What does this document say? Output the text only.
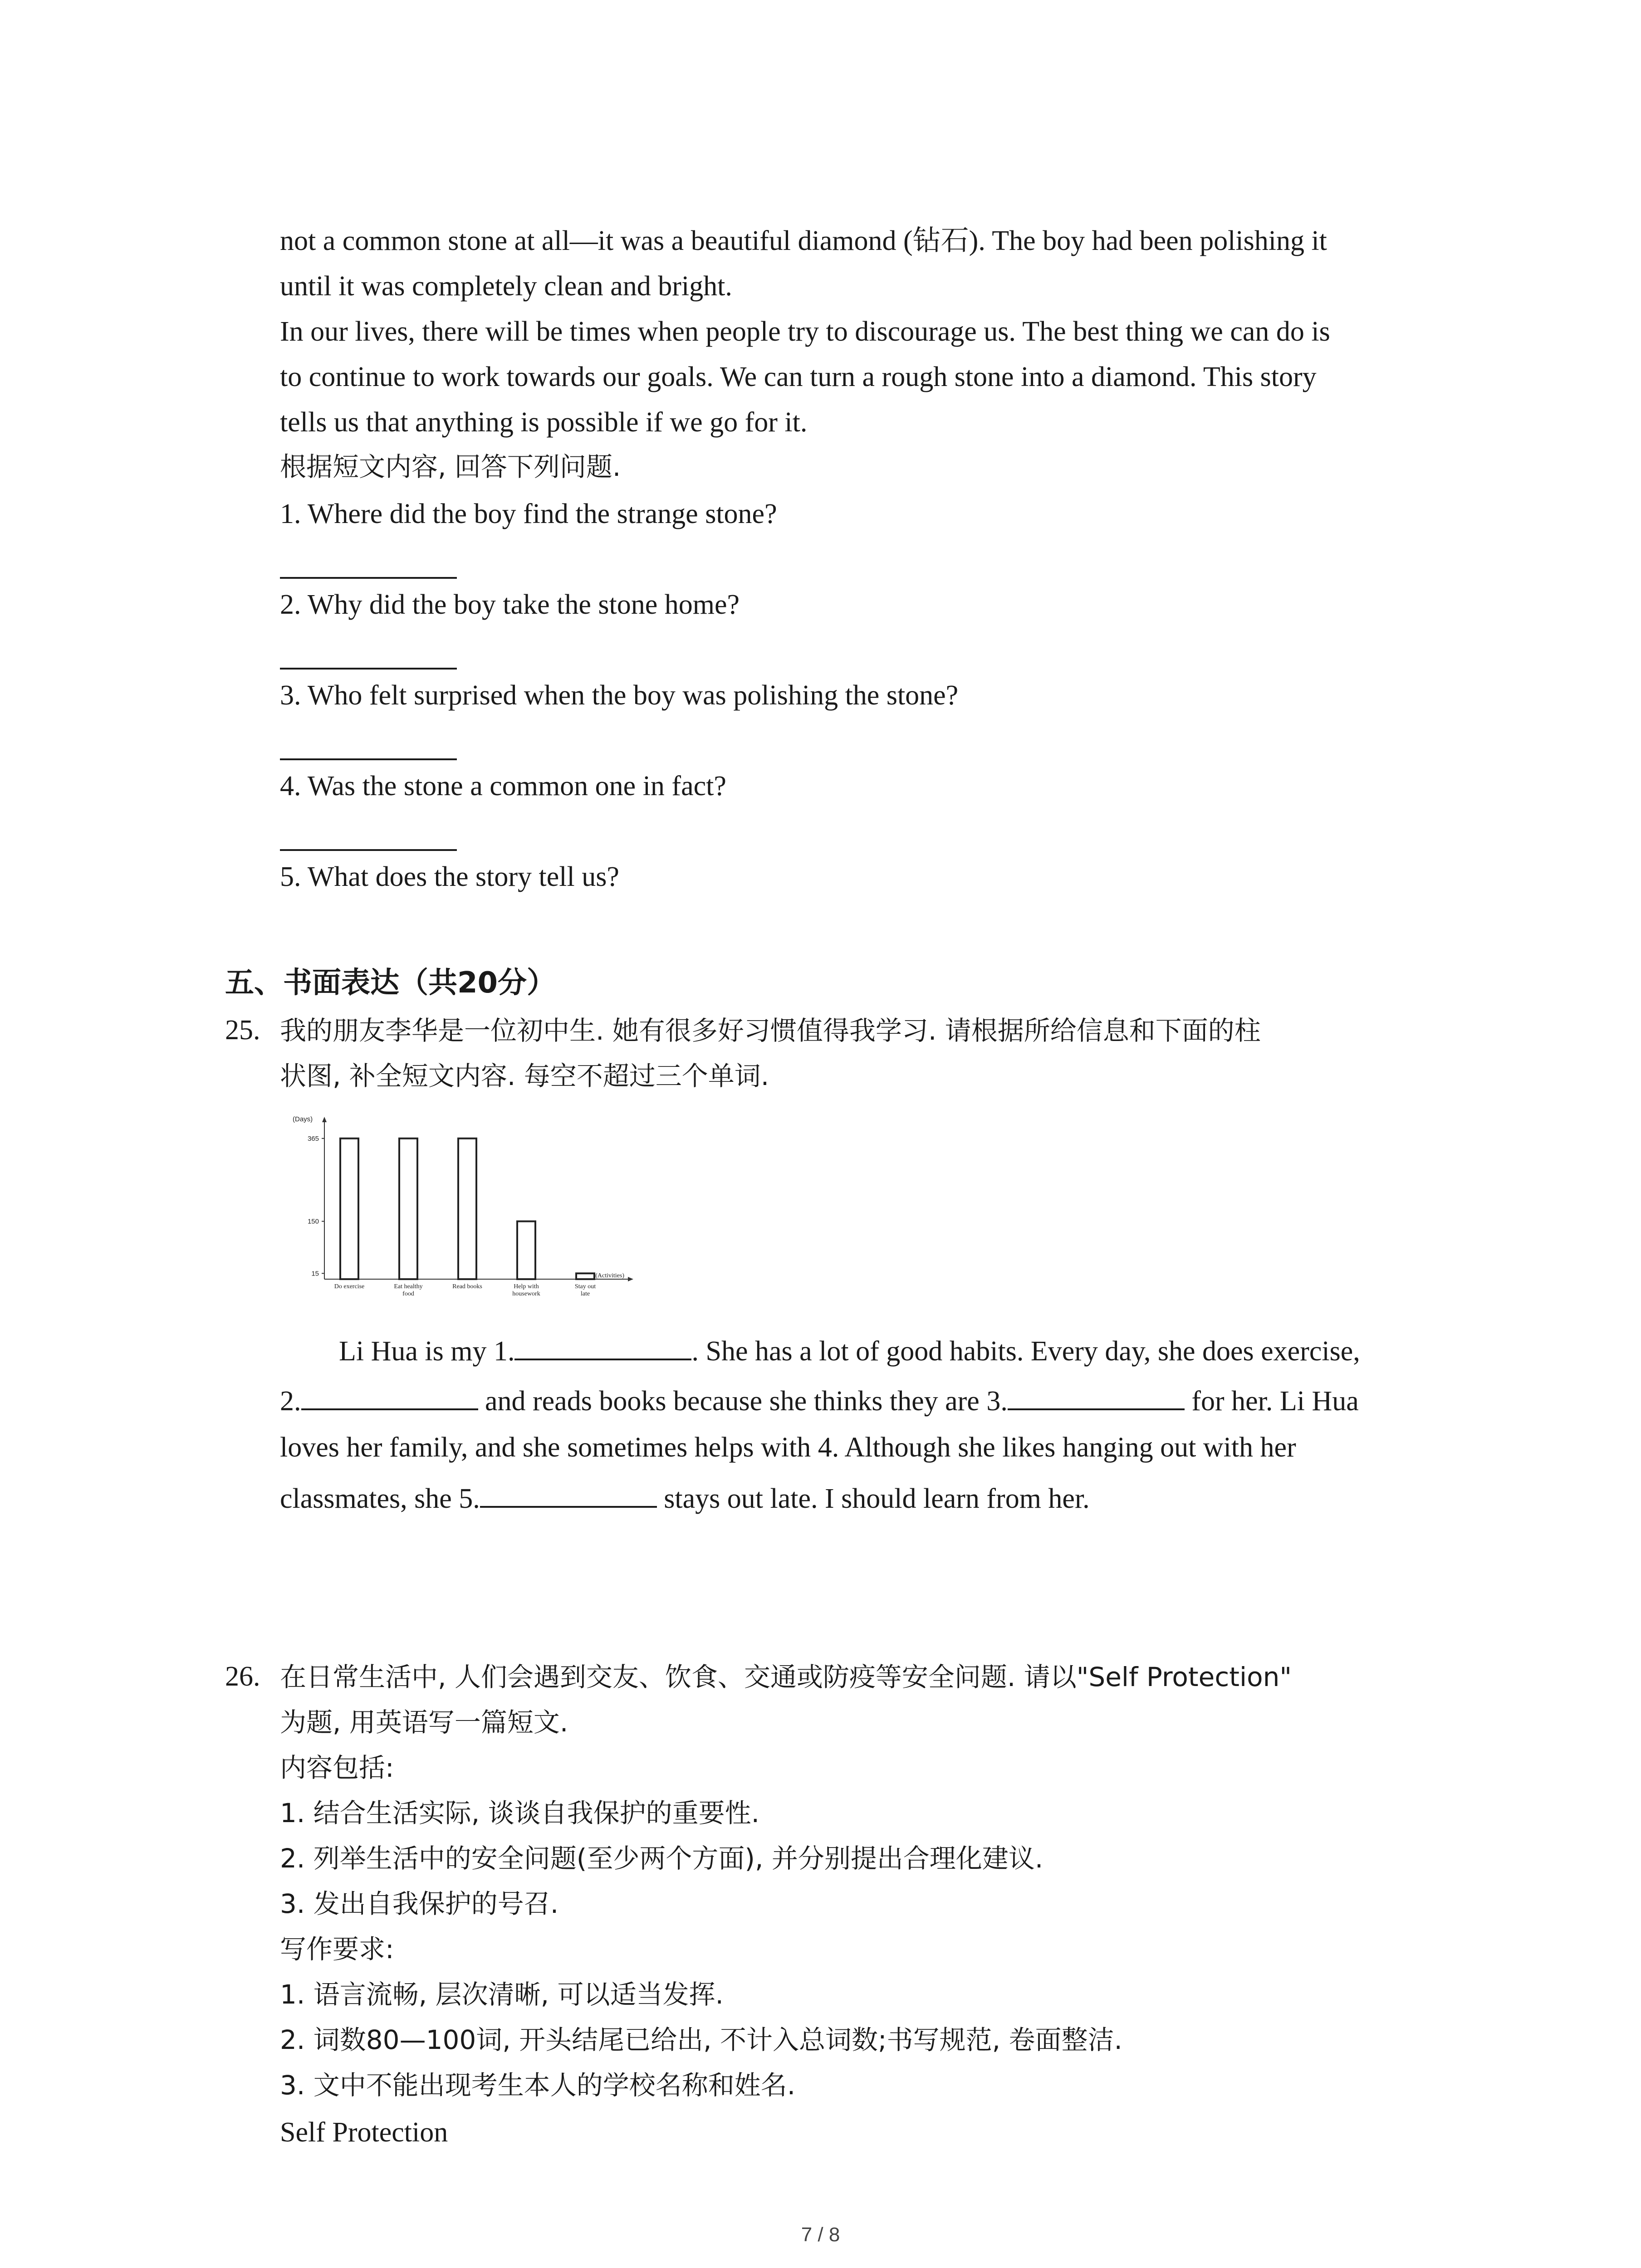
not a common stone at all—it was a beautiful diamond (钻石). The boy had been polishing it
until it was completely clean and bright.
In our lives, there will be times when people try to discourage us. The best thing we can do is
to continue to work towards our goals. We can turn a rough stone into a diamond. This story
tells us that anything is possible if we go for it.
根据短文内容, 回答下列问题.
1. Where did the boy find the strange stone?
2. Why did the boy take the stone home?
3. Who felt surprised when the boy was polishing the stone?
4. Was the stone a common one in fact?
5. What does the story tell us?
五、书面表达（共20分）
25. 我的朋友李华是一位初中生. 她有很多好习惯值得我学习. 请根据所给信息和下面的柱
状图, 补全短文内容. 每空不超过三个单词.
(Days)
15
150
365
Do exercise	Eat healthy
food
Read books	Help with
housework
Stay out
late
(Activities)
Li Hua is my 1.	. She has a lot of good habits. Every day, she does exercise,
2.	and reads books because she thinks they are 3.	for her. Li Hua
loves her family, and she sometimes helps with 4. Although she likes hanging out with her
classmates, she 5.	stays out late. I should learn from her.
26. 在日常生活中, 人们会遇到交友、饮食、交通或防疫等安全问题. 请以"Self Protection"
为题, 用英语写一篇短文.
内容包括:
1. 结合生活实际, 谈谈自我保护的重要性.
2. 列举生活中的安全问题(至少两个方面), 并分别提出合理化建议.
3. 发出自我保护的号召.
写作要求:
1. 语言流畅, 层次清晰, 可以适当发挥.
2. 词数80—100词, 开头结尾已给出, 不计入总词数;书写规范, 卷面整洁.
3. 文中不能出现考生本人的学校名称和姓名.
Self Protection
7 / 8
